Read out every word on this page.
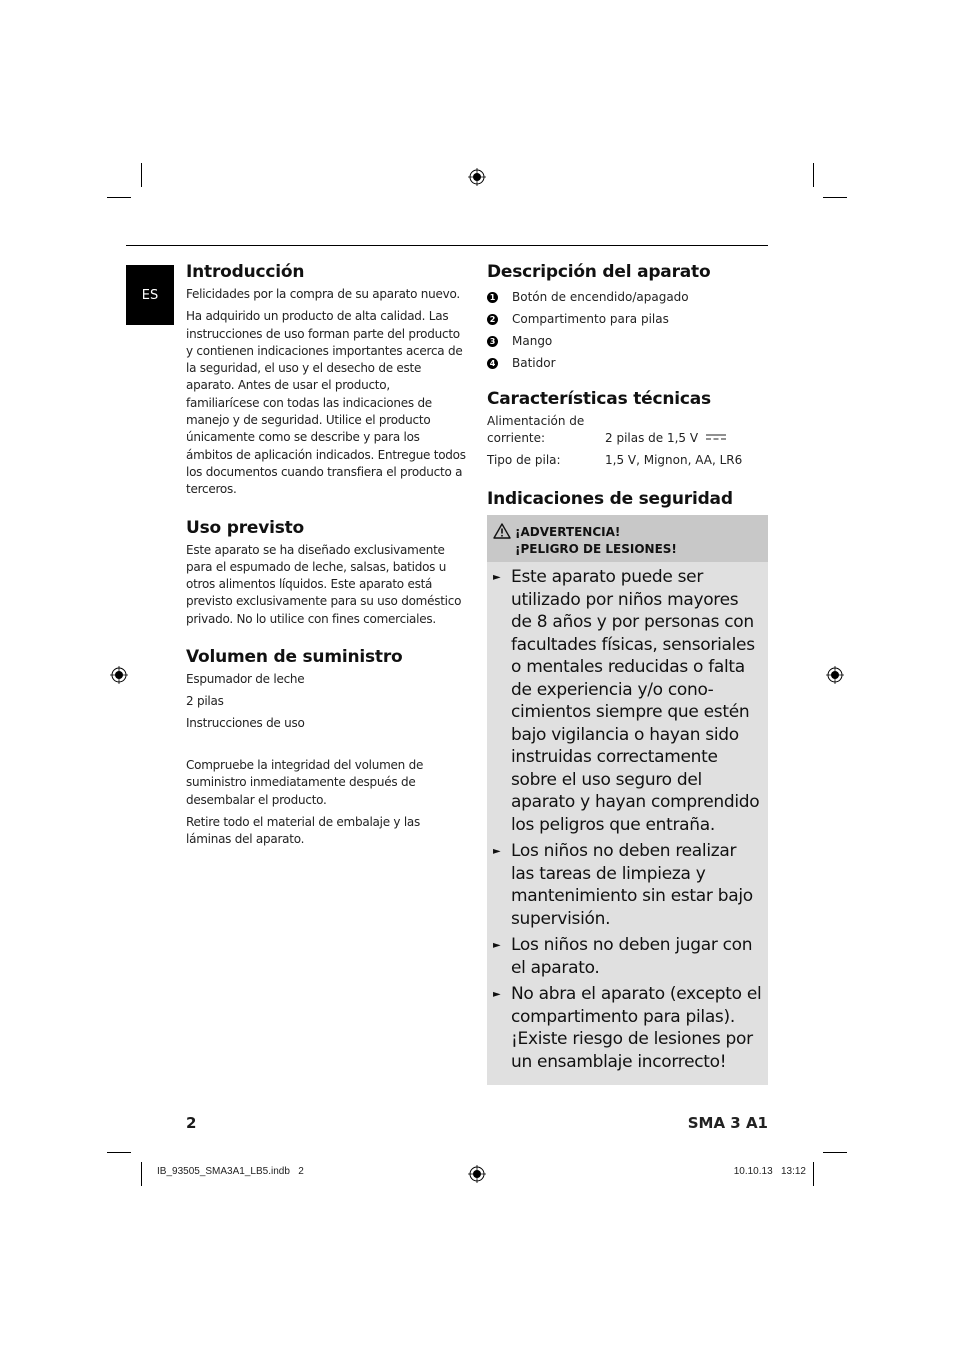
ES
Introducción

Felicidades por la compra de su aparato nuevo.

Ha adquirido un producto de alta calidad. Las instrucciones de uso forman parte del producto y contienen indicaciones importantes acerca de la seguridad, el uso y el desecho de este aparato. Antes de usar el producto, familiarícese con todas las indicaciones de manejo y de seguridad. Utilice el producto únicamente como se describe y para los ámbitos de aplicación indicados. Entregue todos los documentos cuando transfiera el producto a terceros.

Uso previsto

Este aparato se ha diseñado exclusivamente para el espumado de leche, salsas, batidos u otros alimentos líquidos. Este aparato está previsto exclusivamente para su uso doméstico privado. No lo utilice con fines comerciales.

Volumen de suministro

Espumador de leche

2 pilas

Instrucciones de uso

Compruebe la integridad del volumen de suministro inmediatamente después de desembalar el producto.

Retire todo el material de embalaje y las láminas del aparato.

Descripción del aparato
1 Botón de encendido/apagado
2 Compartimento para pilas
3 Mango
4 Batidor
Características técnicas
Alimentación de
corriente:	2 pilas de 1,5 V
Tipo de pila:	1,5 V, Mignon, AA, LR6
Indicaciones de seguridad
¡ADVERTENCIA!
¡PELIGRO DE LESIONES!
► Este aparato puede ser utilizado por niños mayores de 8 años y por personas con facultades físicas, sensoriales o mentales reducidas o falta de experiencia y/o conocimientos siempre que estén bajo vigilancia o hayan sido instruidas correctamente sobre el uso seguro del aparato y hayan comprendido los peligros que entraña.
► Los niños no deben realizar las tareas de limpieza y mantenimiento sin estar bajo supervisión.
► Los niños no deben jugar con el aparato.
► No abra el aparato (excepto el compartimento para pilas). ¡Existe riesgo de lesiones por un ensamblaje incorrecto!
2	SMA 3 A1
IB_93505_SMA3A1_LB5.indb   2	10.10.13   13:12
